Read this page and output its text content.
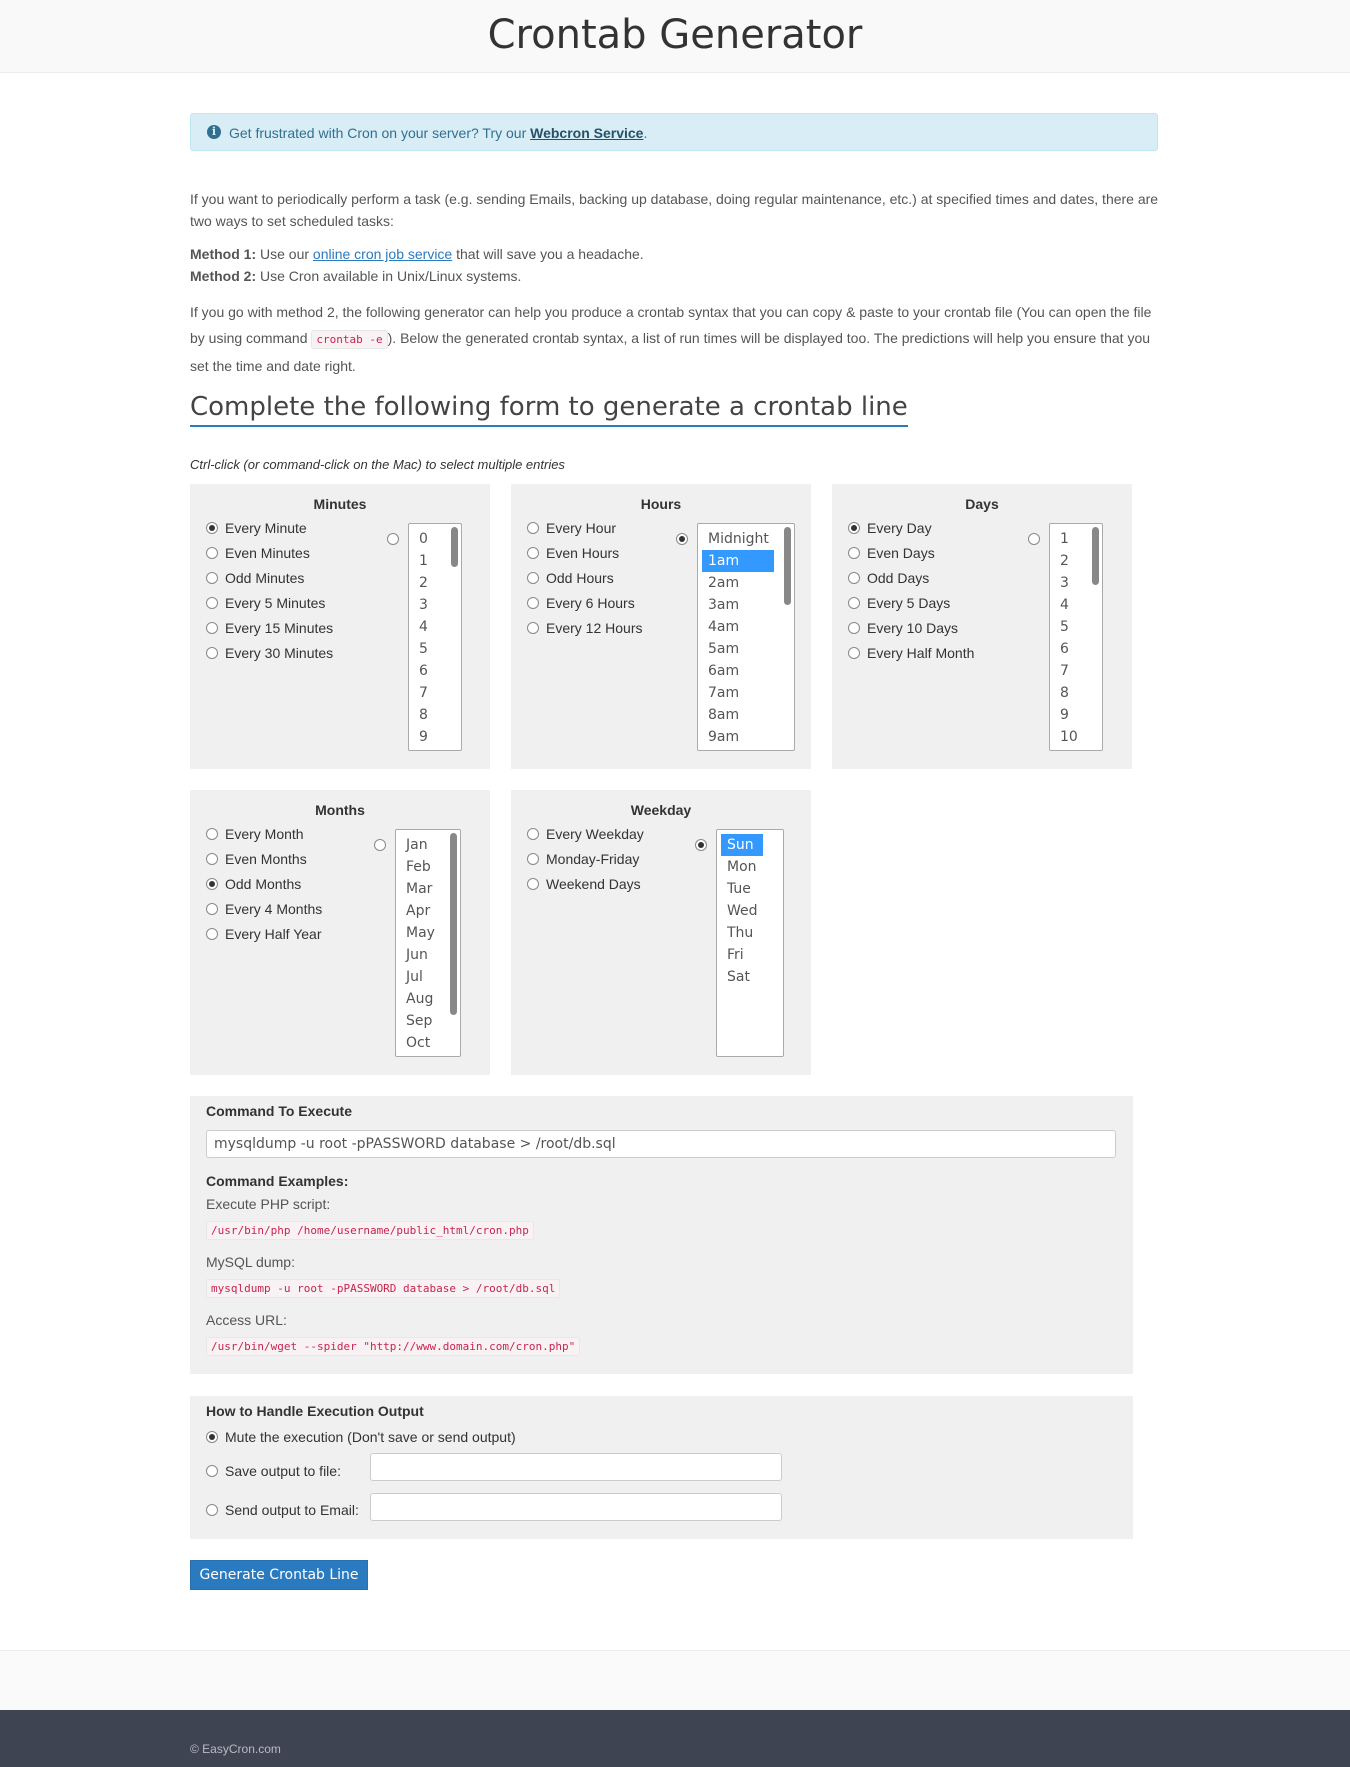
Crontab Generator
i Get frustrated with Cron on your server? Try our Webcron Service.
If you want to periodically perform a task (e.g. sending Emails, backing up database, doing regular maintenance, etc.) at specified times and dates, there are two ways to set scheduled tasks:
Method 1: Use our online cron job service that will save you a headache.
Method 2: Use Cron available in Unix/Linux systems.
If you go with method 2, the following generator can help you produce a crontab syntax that you can copy & paste to your crontab file (You can open the file by using command crontab -e ). Below the generated crontab syntax, a list of run times will be displayed too. The predictions will help you ensure that you set the time and date right.
Complete the following form to generate a crontab line
Ctrl-click (or command-click on the Mac) to select multiple entries
Minutes
Every Minute
Even Minutes
Odd Minutes
Every 5 Minutes
Every 15 Minutes
Every 30 Minutes
0
1
2
3
4
5
6
7
8
9
Hours
Every Hour
Even Hours
Odd Hours
Every 6 Hours
Every 12 Hours
Midnight
1am
2am
3am
4am
5am
6am
7am
8am
9am
Days
Every Day
Even Days
Odd Days
Every 5 Days
Every 10 Days
Every Half Month
1
2
3
4
5
6
7
8
9
10
Months
Every Month
Even Months
Odd Months
Every 4 Months
Every Half Year
Jan
Feb
Mar
Apr
May
Jun
Jul
Aug
Sep
Oct
Weekday
Every Weekday
Monday-Friday
Weekend Days
Sun
Mon
Tue
Wed
Thu
Fri
Sat
Command To Execute
mysqldump -u root -pPASSWORD database > /root/db.sql
Command Examples:
Execute PHP script:
/usr/bin/php /home/username/public_html/cron.php
MySQL dump:
mysqldump -u root -pPASSWORD database > /root/db.sql
Access URL:
/usr/bin/wget --spider "http://www.domain.com/cron.php"
How to Handle Execution Output
Mute the execution (Don't save or send output)
Save output to file:
Send output to Email:
Generate Crontab Line
© EasyCron.com
